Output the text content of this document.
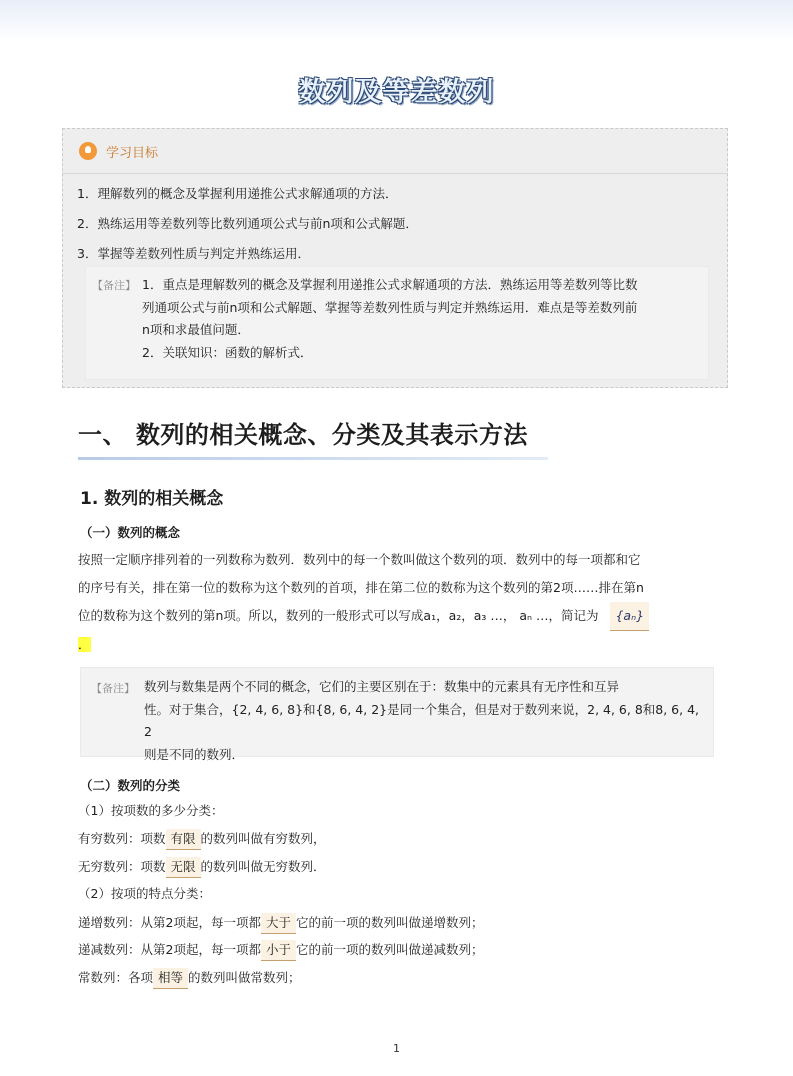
数列及等差数列
学习目标
1．理解数列的概念及掌握利用递推公式求解通项的方法．
2．熟练运用等差数列等比数列通项公式与前n项和公式解题．
3．掌握等差数列性质与判定并熟练运用．
【备注】 1．重点是理解数列的概念及掌握利用递推公式求解通项的方法．熟练运用等差数列等比数
列通项公式与前n项和公式解题、掌握等差数列性质与判定并熟练运用．难点是等差数列前
n项和求最值问题．
2．关联知识：函数的解析式．
一、 数列的相关概念、分类及其表示方法
1. 数列的相关概念
（一）数列的概念
按照一定顺序排列着的一列数称为数列．数列中的每一个数叫做这个数列的项．数列中的每一项都和它
的序号有关，排在第一位的数称为这个数列的首项，排在第二位的数称为这个数列的第2项……排在第n
位的数称为这个数列的第n项。所以，数列的一般形式可以写成a₁，a₂，a₃ …， aₙ …，简记为 {aₙ}
．
【备注】 数列与数集是两个不同的概念，它们的主要区别在于：数集中的元素具有无序性和互异
性。对于集合，{2, 4, 6, 8}和{8, 6, 4, 2}是同一个集合，但是对于数列来说，2, 4, 6, 8和8, 6, 4, 2
则是不同的数列．
（二）数列的分类
（1）按项数的多少分类：
有穷数列：项数 有限 的数列叫做有穷数列，
无穷数列：项数 无限 的数列叫做无穷数列．
（2）按项的特点分类：
递增数列：从第2项起，每一项都 大于 它的前一项的数列叫做递增数列；
递减数列：从第2项起，每一项都 小于 它的前一项的数列叫做递减数列；
常数列：各项 相等 的数列叫做常数列；
1
